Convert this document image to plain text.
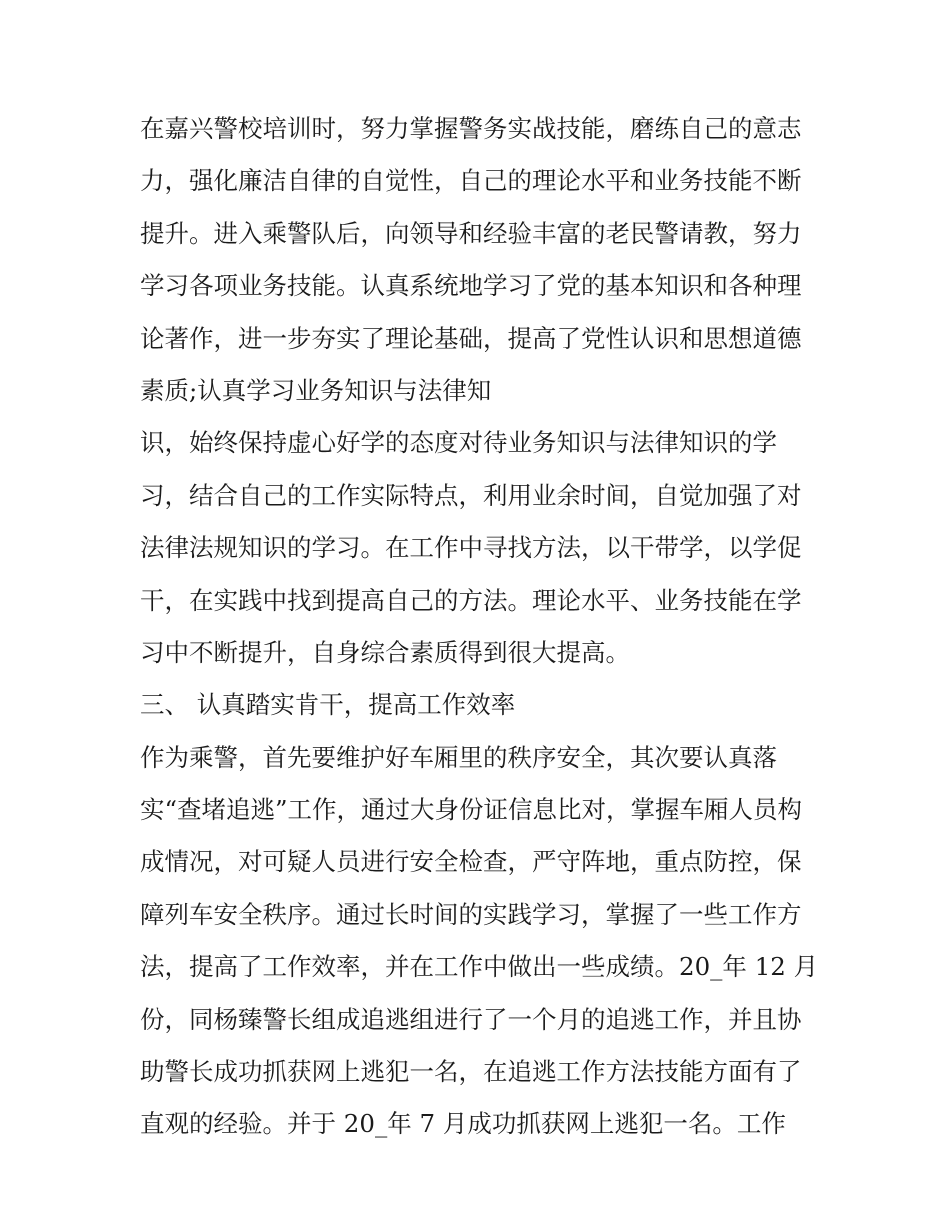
在嘉兴警校培训时，努力掌握警务实战技能，磨练自己的意志
力，强化廉洁自律的自觉性，自己的理论水平和业务技能不断
提升。进入乘警队后，向领导和经验丰富的老民警请教，努力
学习各项业务技能。认真系统地学习了党的基本知识和各种理
论著作，进一步夯实了理论基础，提高了党性认识和思想道德
素质;认真学习业务知识与法律知
识，始终保持虚心好学的态度对待业务知识与法律知识的学
习，结合自己的工作实际特点，利用业余时间，自觉加强了对
法律法规知识的学习。在工作中寻找方法，以干带学，以学促
干，在实践中找到提高自己的方法。理论水平、业务技能在学
习中不断提升，自身综合素质得到很大提高。
三、 认真踏实肯干，提高工作效率
作为乘警，首先要维护好车厢里的秩序安全，其次要认真落
实“查堵追逃”工作，通过大身份证信息比对，掌握车厢人员构
成情况，对可疑人员进行安全检查，严守阵地，重点防控，保
障列车安全秩序。通过长时间的实践学习，掌握了一些工作方
法，提高了工作效率，并在工作中做出一些成绩。20_年 12 月
份，同杨臻警长组成追逃组进行了一个月的追逃工作，并且协
助警长成功抓获网上逃犯一名，在追逃工作方法技能方面有了
直观的经验。并于 20_年 7 月成功抓获网上逃犯一名。工作
